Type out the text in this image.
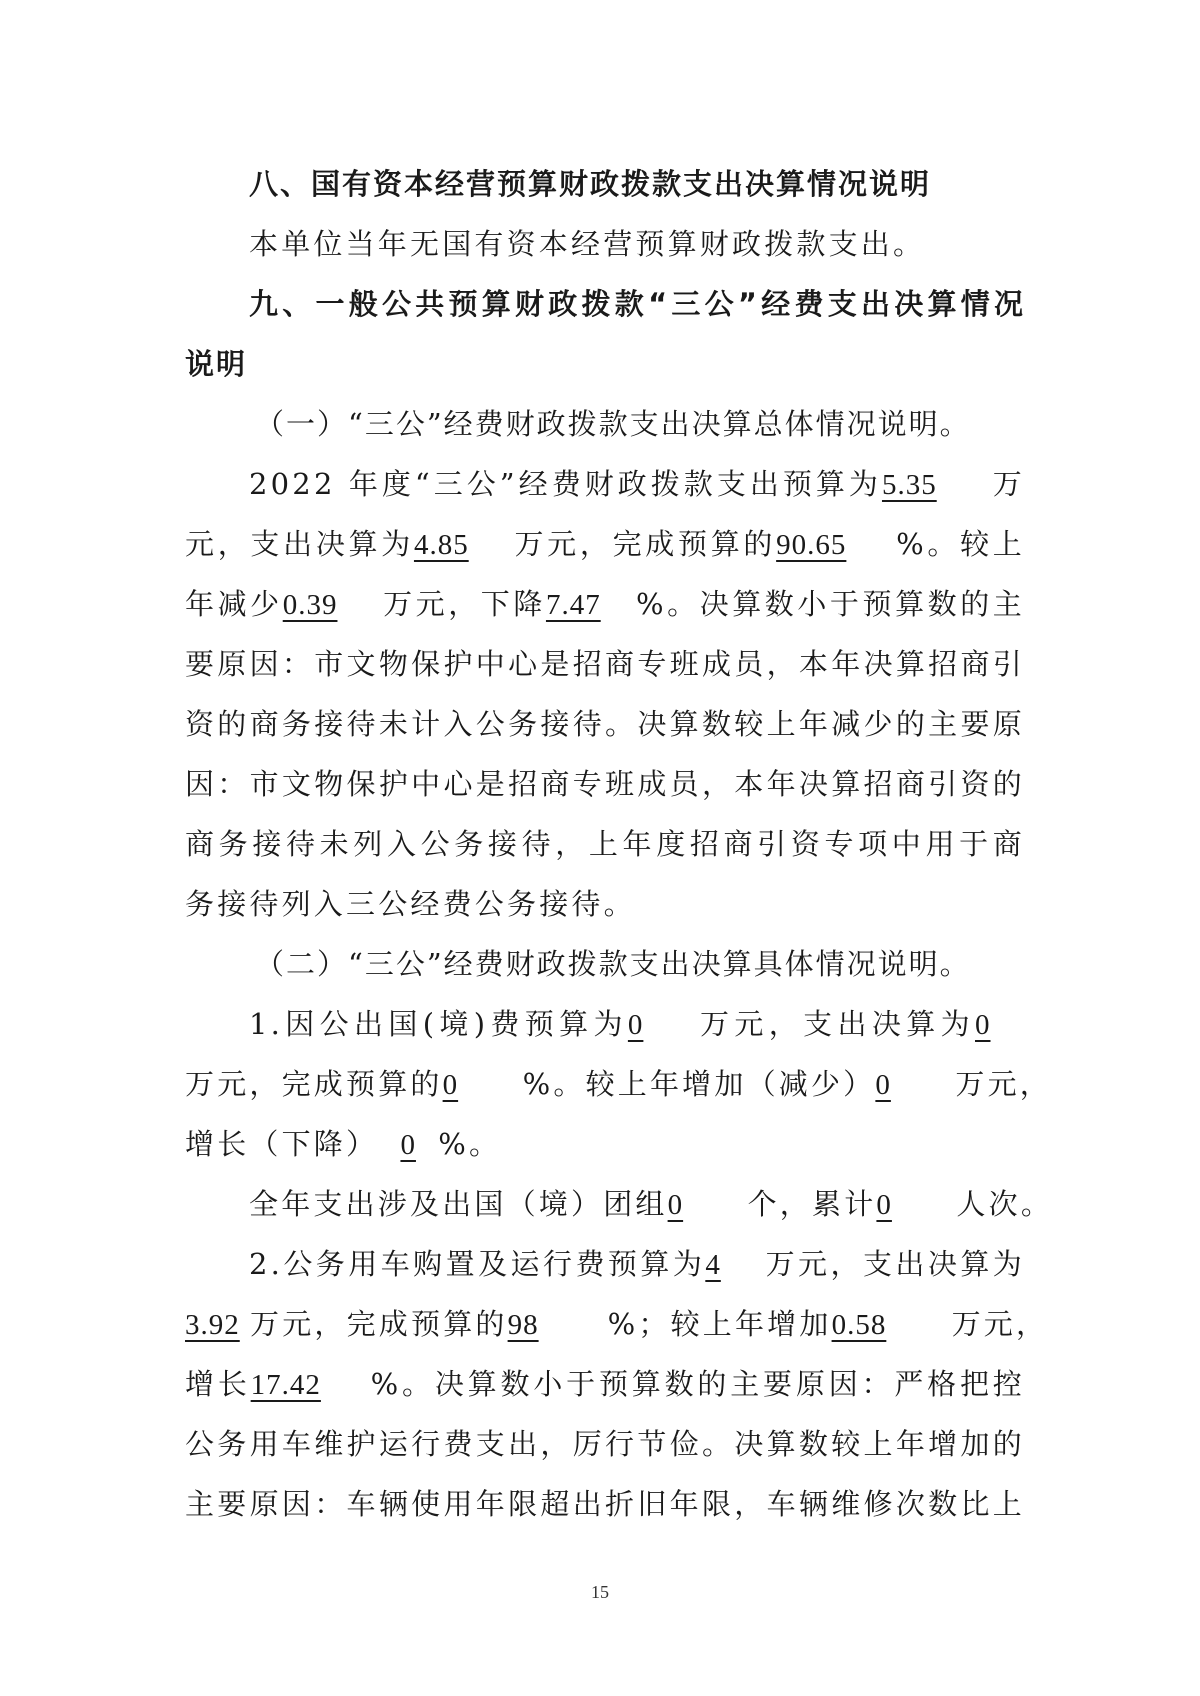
八、国有资本经营预算财政拨款支出决算情况说明
本单位当年无国有资本经营预算财政拨款支出。
九、一般公共预算财政拨款“三公”经费支出决算情况
说明
（一）“三公”经费财政拨款支出决算总体情况说明。
2022 年度“三公”经费财政拨款支出预算为5.35 万
元，支出决算为4.85 万元，完成预算的90.65 %。较上
年减少0.39 万元，下降7.47 %。决算数小于预算数的主
要原因：市文物保护中心是招商专班成员，本年决算招商引
资的商务接待未计入公务接待。决算数较上年减少的主要原
因：市文物保护中心是招商专班成员，本年决算招商引资的
商务接待未列入公务接待，上年度招商引资专项中用于商
务接待列入三公经费公务接待。
（二）“三公”经费财政拨款支出决算具体情况说明。
1.因公出国(境)费预算为0 万元，支出决算为0
万元，完成预算的0 %。较上年增加（减少）0 万元，
增长（下降） 0 %。
全年支出涉及出国（境）团组0 个，累计0 人次。
2.公务用车购置及运行费预算为4 万元，支出决算为
3.92 万元，完成预算的98 %；较上年增加0.58 万元，
增长17.42 %。决算数小于预算数的主要原因：严格把控
公务用车维护运行费支出，厉行节俭。决算数较上年增加的
主要原因：车辆使用年限超出折旧年限，车辆维修次数比上
15
